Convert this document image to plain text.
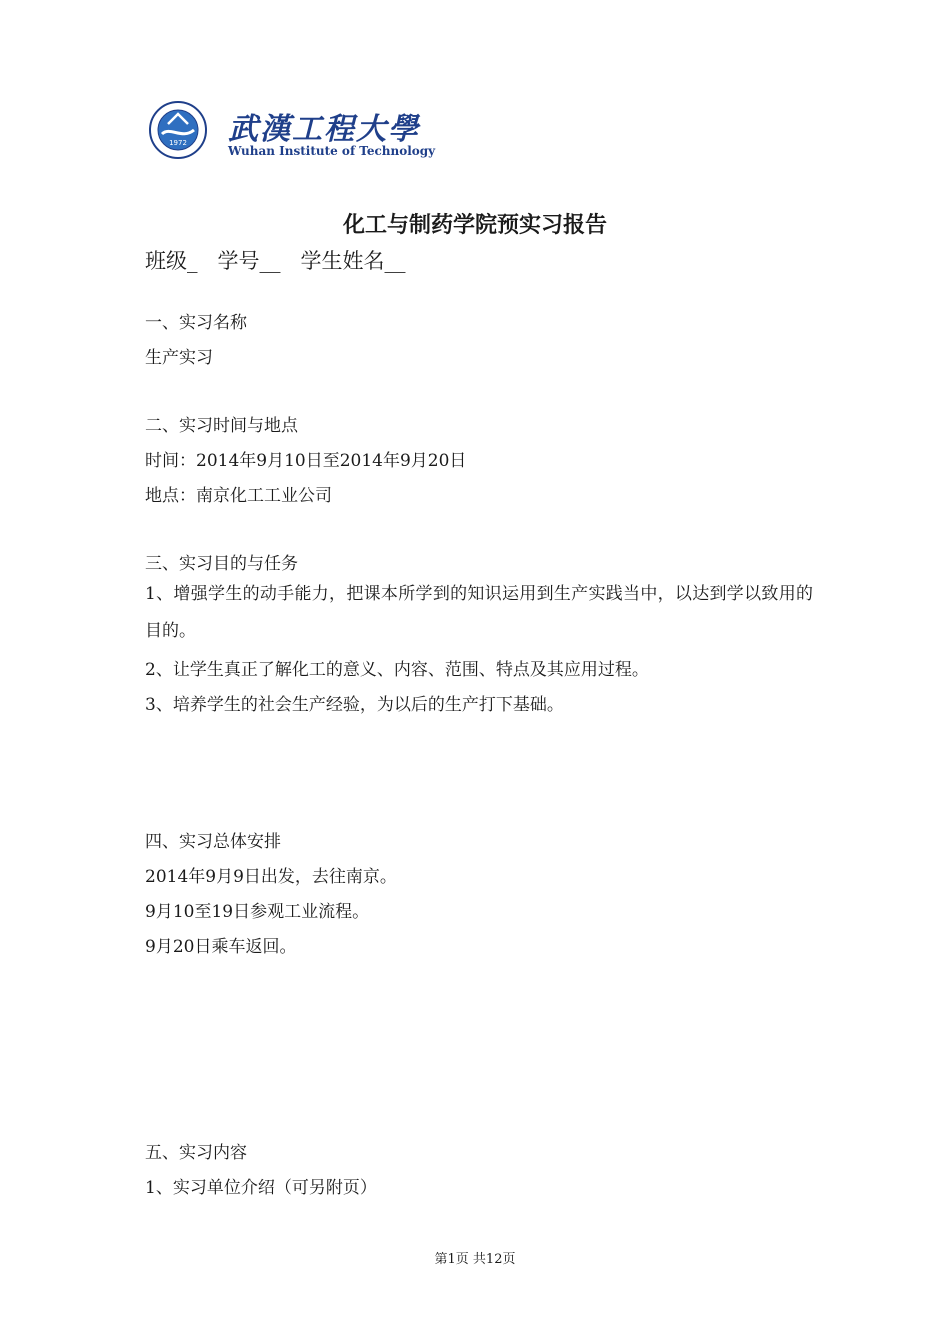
1972 武漢工程大學
Wuhan Institute of Technology
化工与制药学院预实习报告
班级_   学号__   学生姓名__
一、实习名称
生产实习
二、实习时间与地点
时间：2014年9月10日至2014年9月20日
地点：南京化工工业公司
三、实习目的与任务
1、增强学生的动手能力，把课本所学到的知识运用到生产实践当中，以达到学以致用的目的。
2、让学生真正了解化工的意义、内容、范围、特点及其应用过程。
3、培养学生的社会生产经验，为以后的生产打下基础。
四、实习总体安排
2014年9月9日出发，去往南京。
9月10至19日参观工业流程。
9月20日乘车返回。
五、实习内容
1、实习单位介绍（可另附页）
第1页 共12页
